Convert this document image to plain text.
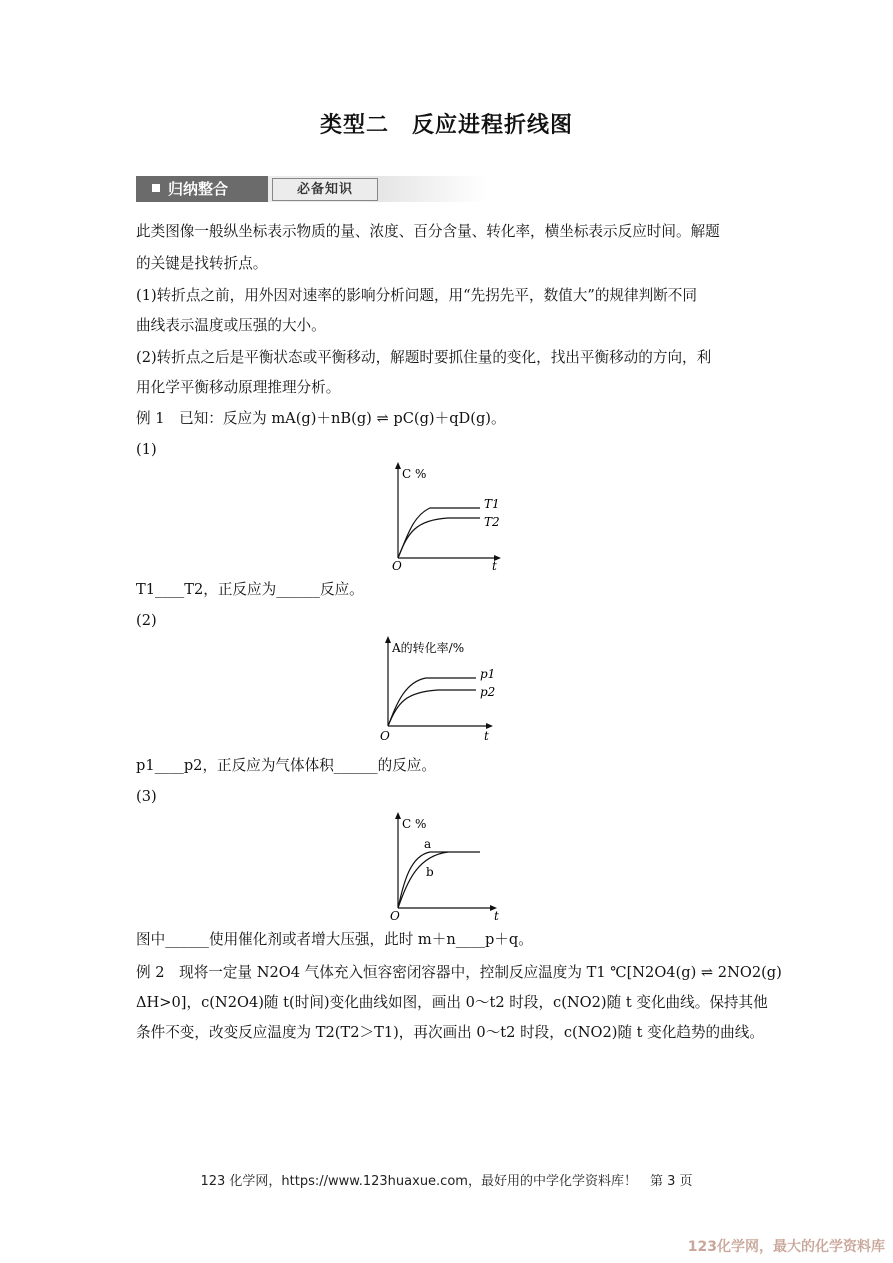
类型二　反应进程折线图
归纳整合	必备知识
此类图像一般纵坐标表示物质的量、浓度、百分含量、转化率，横坐标表示反应时间。解题
的关键是找转折点。
(1)转折点之前，用外因对速率的影响分析问题，用“先拐先平，数值大”的规律判断不同
曲线表示温度或压强的大小。
(2)转折点之后是平衡状态或平衡移动，解题时要抓住量的变化，找出平衡移动的方向，利
用化学平衡移动原理推理分析。
例 1　已知：反应为 mA(g)＋nB(g) ⇌ pC(g)＋qD(g)。
(1)
C %
T1
T2
O	t
T1____T2，正反应为______反应。
(2)
A的转化率/%
p1
p2
O	t
p1____p2，正反应为气体体积______的反应。
(3)
C %
a
b
O	t
图中______使用催化剂或者增大压强，此时 m＋n____p＋q。
例 2　现将一定量 N2O4 气体充入恒容密闭容器中，控制反应温度为 T1 ℃[N2O4(g) ⇌ 2NO2(g)
ΔH>0]，c(N2O4)随 t(时间)变化曲线如图，画出 0～t2 时段，c(NO2)随 t 变化曲线。保持其他
条件不变，改变反应温度为 T2(T2＞T1)，再次画出 0～t2 时段，c(NO2)随 t 变化趋势的曲线。
123 化学网，https://www.123huaxue.com，最好用的中学化学资料库！　第 3 页
123化学网，最大的化学资料库
